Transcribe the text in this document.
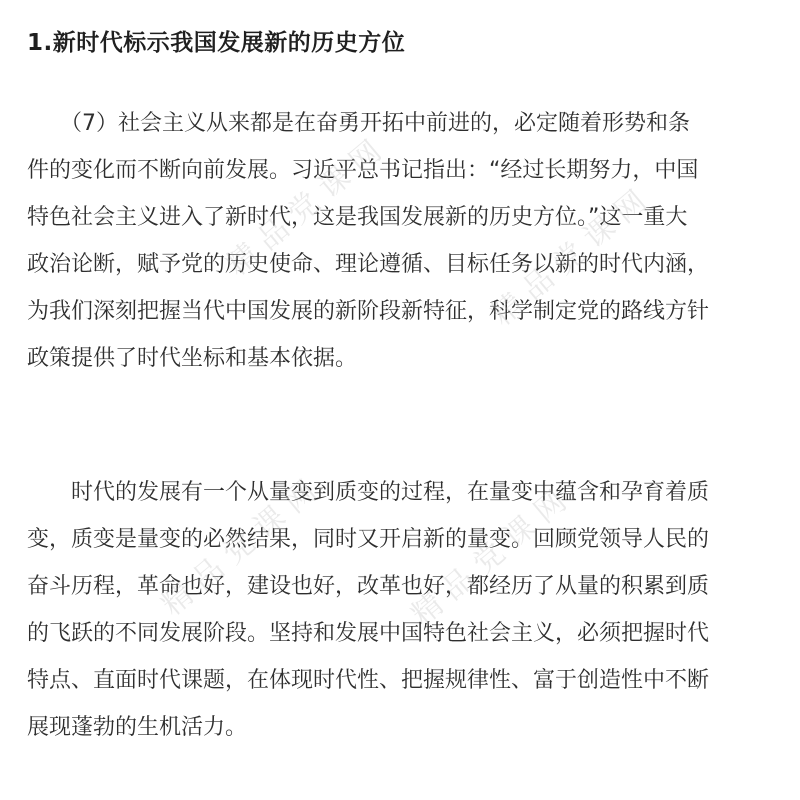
1.新时代标示我国发展新的历史方位
　　（7）社会主义从来都是在奋勇开拓中前进的，必定随着形势和条
件的变化而不断向前发展。习近平总书记指出：“经过长期努力，中国
特色社会主义进入了新时代，这是我国发展新的历史方位。”这一重大
政治论断，赋予党的历史使命、理论遵循、目标任务以新的时代内涵，
为我们深刻把握当代中国发展的新阶段新特征，科学制定党的路线方针
政策提供了时代坐标和基本依据。
　　时代的发展有一个从量变到质变的过程，在量变中蕴含和孕育着质
变，质变是量变的必然结果，同时又开启新的量变。回顾党领导人民的
奋斗历程，革命也好，建设也好，改革也好，都经历了从量的积累到质
的飞跃的不同发展阶段。坚持和发展中国特色社会主义，必须把握时代
特点、直面时代课题，在体现时代性、把握规律性、富于创造性中不断
展现蓬勃的生机活力。
精品党课网
精品党课网 精品党课网
精品党课网
